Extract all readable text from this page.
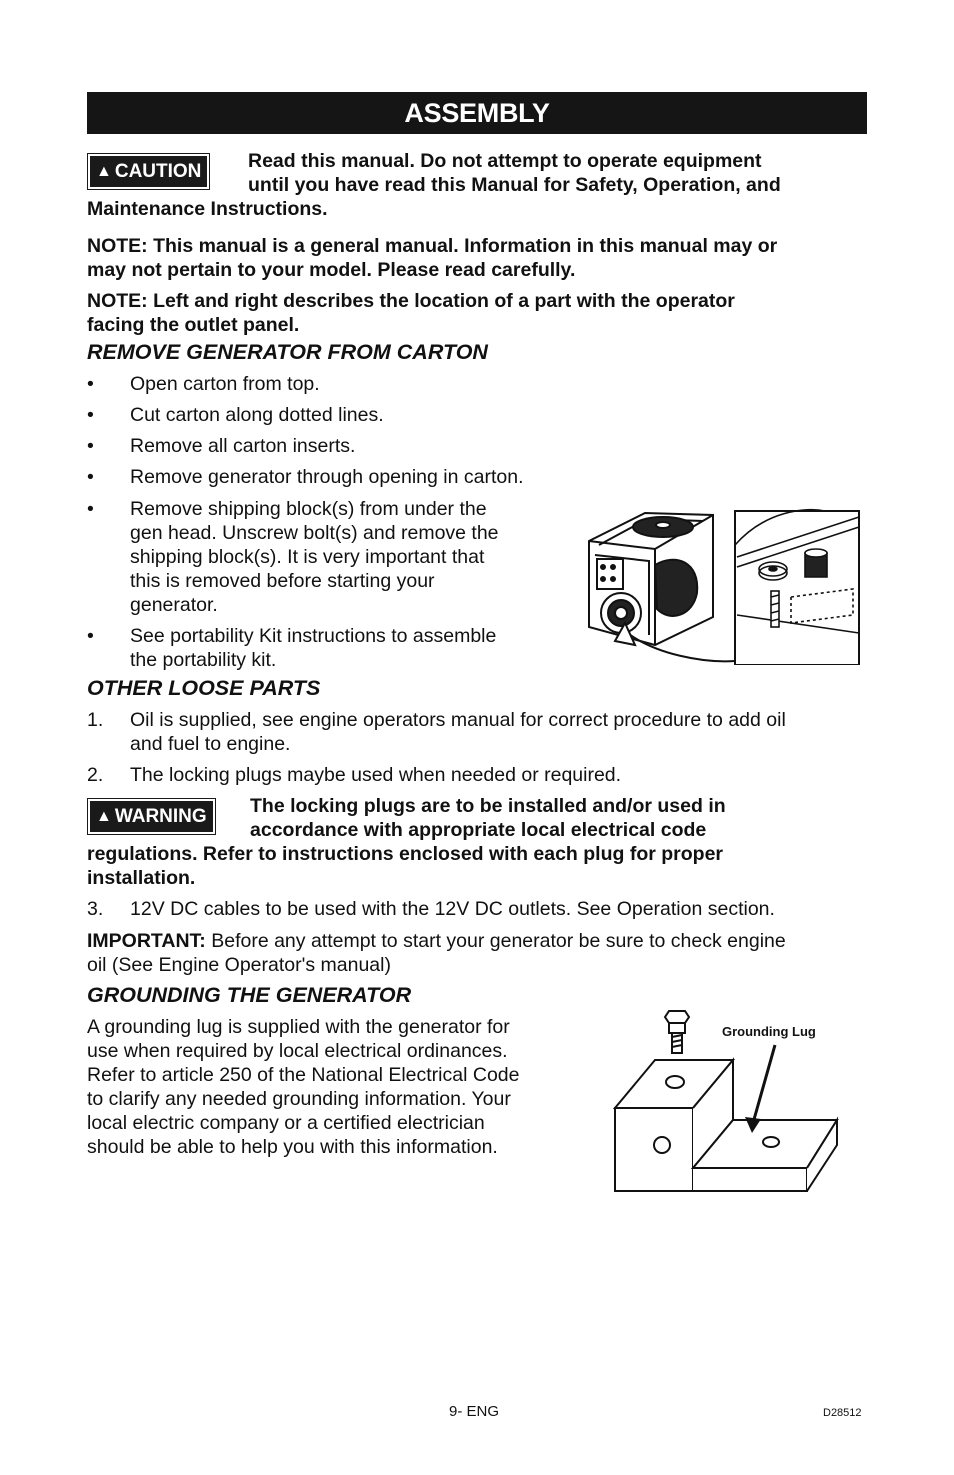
ASSEMBLY
▲ CAUTION Read this manual. Do not attempt to operate equipment
until you have read this Manual for Safety, Operation, and
Maintenance Instructions.
NOTE: This manual is a general manual. Information in this manual may or
may not pertain to your model. Please read carefully.
NOTE: Left and right describes the location of a part with the operator
facing the outlet panel.
REMOVE GENERATOR FROM CARTON
• Open carton from top.
• Cut carton along dotted lines.
• Remove all carton inserts.
• Remove generator through opening in carton.
• Remove shipping block(s) from under the
gen head. Unscrew bolt(s) and remove the
shipping block(s). It is very important that
this is removed before starting your
generator.
• See portability Kit instructions to assemble
the portability kit.
OTHER LOOSE PARTS
1. Oil is supplied, see engine operators manual for correct procedure to add oil
and fuel to engine.
2. The locking plugs maybe used when needed or required.
▲ WARNING The locking plugs are to be installed and/or used in
accordance with appropriate local electrical code
regulations. Refer to instructions enclosed with each plug for proper
installation.
3. 12V DC cables to be used with the 12V DC outlets. See Operation section.
IMPORTANT: Before any attempt to start your generator be sure to check engine
oil (See Engine Operator's manual)
GROUNDING THE GENERATOR
A grounding lug is supplied with the generator for
use when required by local electrical ordinances.
Refer to article 250 of the National Electrical Code
to clarify any needed grounding information. Your
local electric company or a certified electrician
should be able to help you with this information.
Grounding Lug
9- ENG	D28512
